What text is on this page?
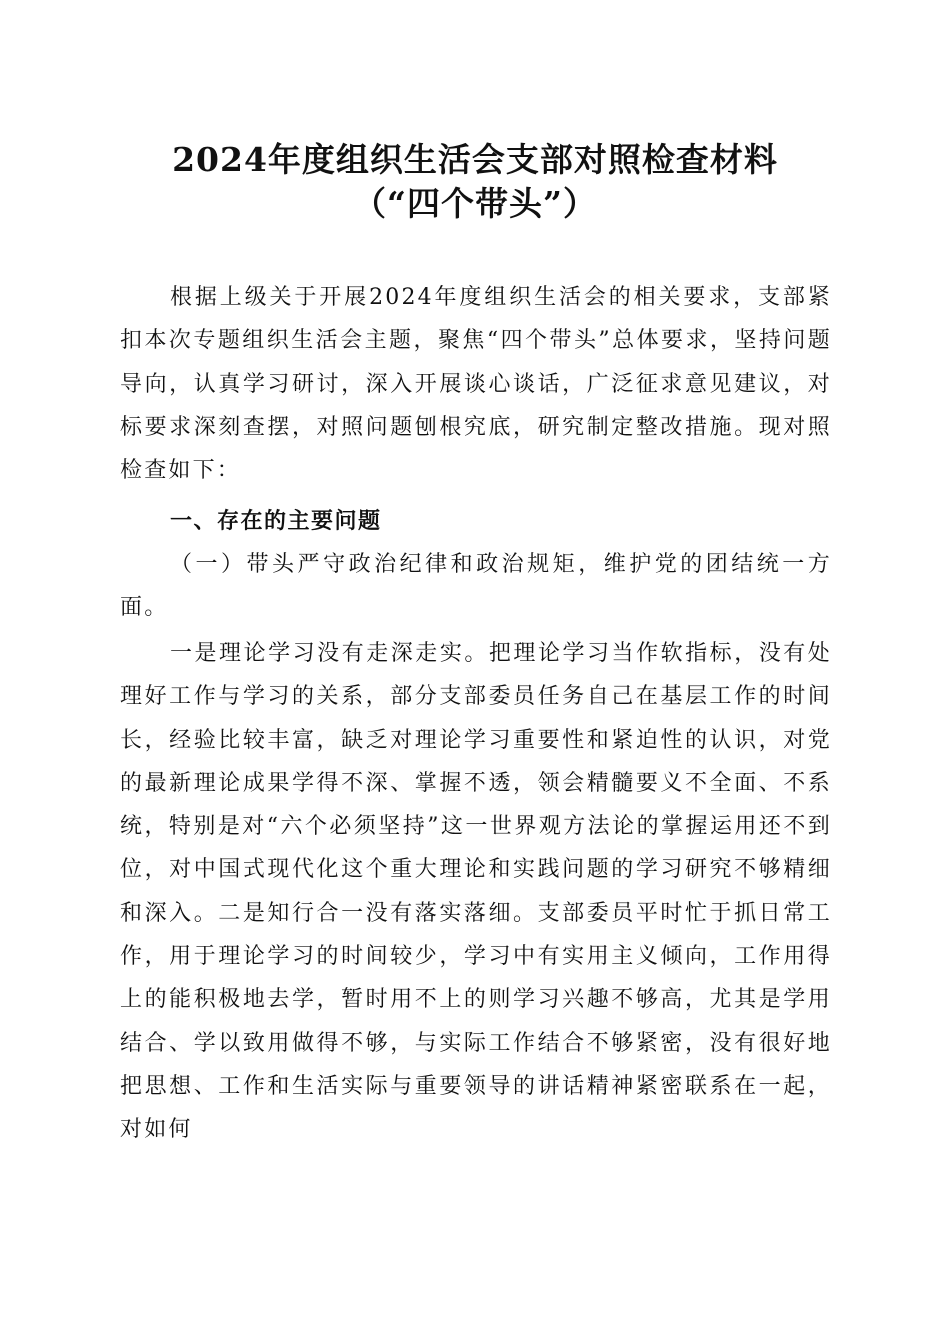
2024年度组织生活会支部对照检查材料
（“四个带头”）

根据上级关于开展2024年度组织生活会的相关要求，支部紧扣本次专题组织生活会主题，聚焦“四个带头”总体要求，坚持问题导向，认真学习研讨，深入开展谈心谈话，广泛征求意见建议，对标要求深刻查摆，对照问题刨根究底，研究制定整改措施。现对照检查如下：

一、存在的主要问题

（一）带头严守政治纪律和政治规矩，维护党的团结统一方面。

一是理论学习没有走深走实。把理论学习当作软指标，没有处理好工作与学习的关系，部分支部委员任务自己在基层工作的时间长，经验比较丰富，缺乏对理论学习重要性和紧迫性的认识，对党的最新理论成果学得不深、掌握不透，领会精髓要义不全面、不系统，特别是对“六个必须坚持”这一世界观方法论的掌握运用还不到位，对中国式现代化这个重大理论和实践问题的学习研究不够精细和深入。二是知行合一没有落实落细。支部委员平时忙于抓日常工作，用于理论学习的时间较少，学习中有实用主义倾向，工作用得上的能积极地去学，暂时用不上的则学习兴趣不够高，尤其是学用结合、学以致用做得不够，与实际工作结合不够紧密，没有很好地把思想、工作和生活实际与重要领导的讲话精神紧密联系在一起，对如何
